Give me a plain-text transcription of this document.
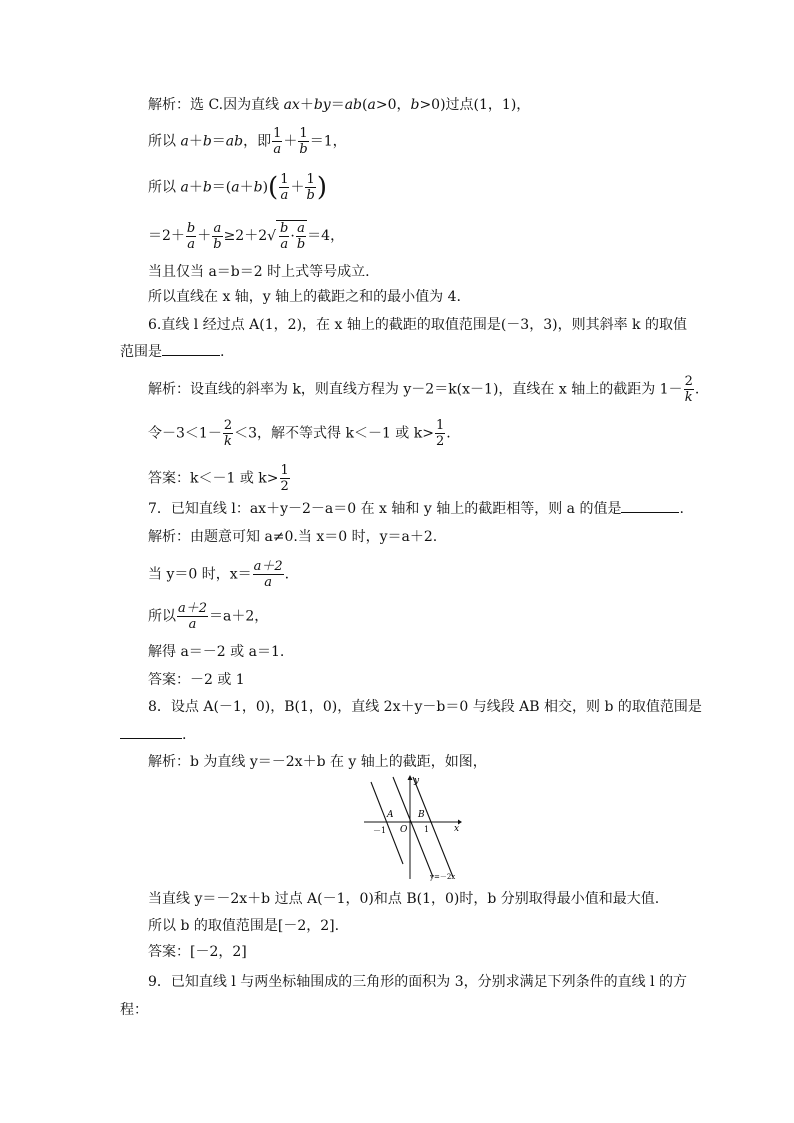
解析：选 C.因为直线 ax＋by＝ab(a>0，b>0)过点(1，1)，
所以 a＋b＝ab，即 $\frac{1}{a} + \frac{1}{b} =1$，
所以 $a+b=(a+b)( \frac{1}{a} + \frac{1}{b}$ )
$=2+ \frac{b}{a} + \frac{a}{b} \ge 2+2√ \frac{b}{a} \cdot \frac{a}{b} =4$，
当且仅当 a＝b＝2 时上式等号成立.
所以直线在 x 轴，y 轴上的截距之和的最小值为 4.
6.直线 l 经过点 A(1，2)，在 x 轴上的截距的取值范围是(－3，3)，则其斜率 k 的取值
范围是	.
解析：设直线的斜率为 k，则直线方程为 y－2＝k(x－1)，直线在 x 轴上的截距为 $1- \frac{2}{k}$ .
令$-3<1- \frac{2}{k} <3$，解不等式得 k＜－1 或 $k> \frac{1}{2}$ .
答案：k＜－1 或 $k> \frac{1}{2}$
7．已知直线 l：ax＋y－2－a＝0 在 x 轴和 y 轴上的截距相等，则 a 的值是	.
解析：由题意可知 a≠0.当 x＝0 时，y＝a＋2.
当 y＝0 时，$x= \frac{a+2}{a}$ .
所以 $\frac{a+2}{a} =a+2$，
解得 a＝－2 或 a＝1.
答案：－2 或 1
8．设点 A(－1，0)，B(1，0)，直线 2x＋y－b＝0 与线段 AB 相交，则 b 的取值范围是
.
解析：b 为直线 y＝－2x＋b 在 y 轴上的截距，如图，
y
x
A	B
O
－1	1
y=－2x
当直线 y＝－2x＋b 过点 A(－1，0)和点 B(1，0)时，b 分别取得最小值和最大值.
所以 b 的取值范围是[－2，2].
答案：[－2，2]
9．已知直线 l 与两坐标轴围成的三角形的面积为 3，分别求满足下列条件的直线 l 的方
程：
